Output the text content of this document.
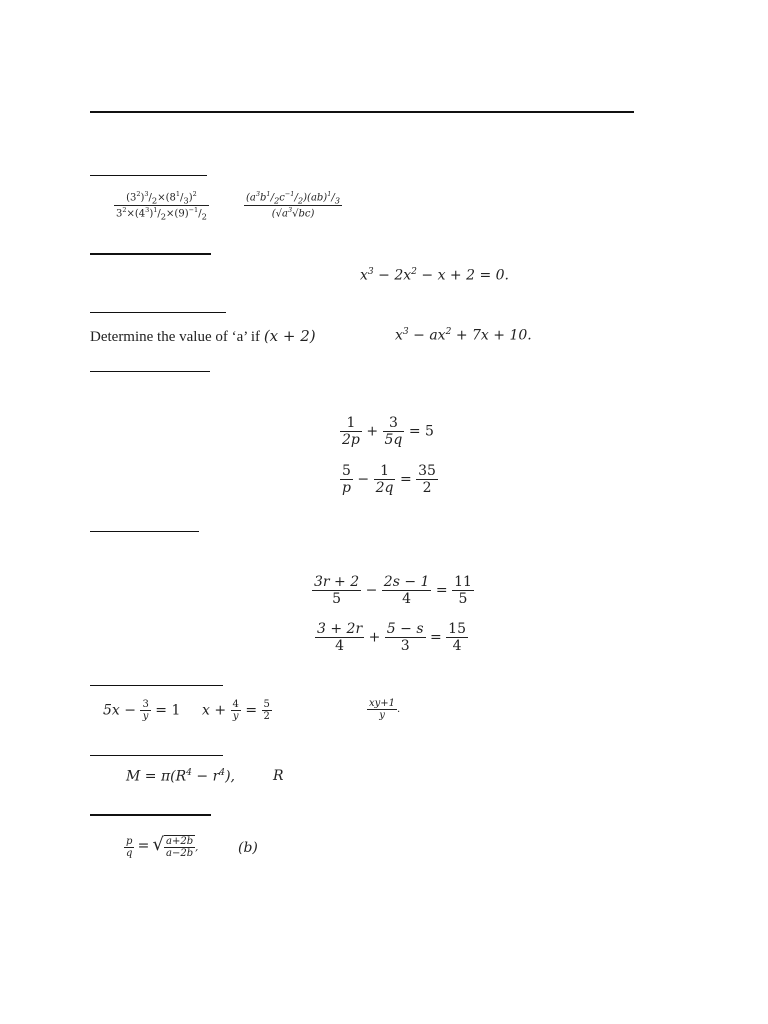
$\frac{(3^2)^3/_2\times(8^1/_3)^2}{3^2\times(4^3)^1/_2\times(9)^{-1}/_2}$	$\frac{(a^3b^1/_2c^{-1}/_2)(ab)^1/_3}{(√a^3√bc)}$
$x^3 - 2x^2 - x + 2 = 0$.
Determine the value of ‘a’ if (x + 2)	$x^3 - ax^2 + 7x + 10$.
$\frac{1}{2p} + \frac{3}{5q} = 5$
$\frac{5}{p} - \frac{1}{2q} = \frac{35}{2}$
$\frac{3r + 2}{5} - \frac{2s - 1}{4} = \frac{11}{5}$
$\frac{3 + 2r}{4} + \frac{5 - s}{3} = \frac{15}{4}$
$5x - \frac{3}{y} = 1$ $x + \frac{4}{y} = \frac{5}{2}$	$\frac{xy+1}{y}$ .
$M = \pi(R^4 - r^4)$,	R
$\frac{p}{q}$ = √ $\frac{a+2b}{a-2b}$ ,	(b)
